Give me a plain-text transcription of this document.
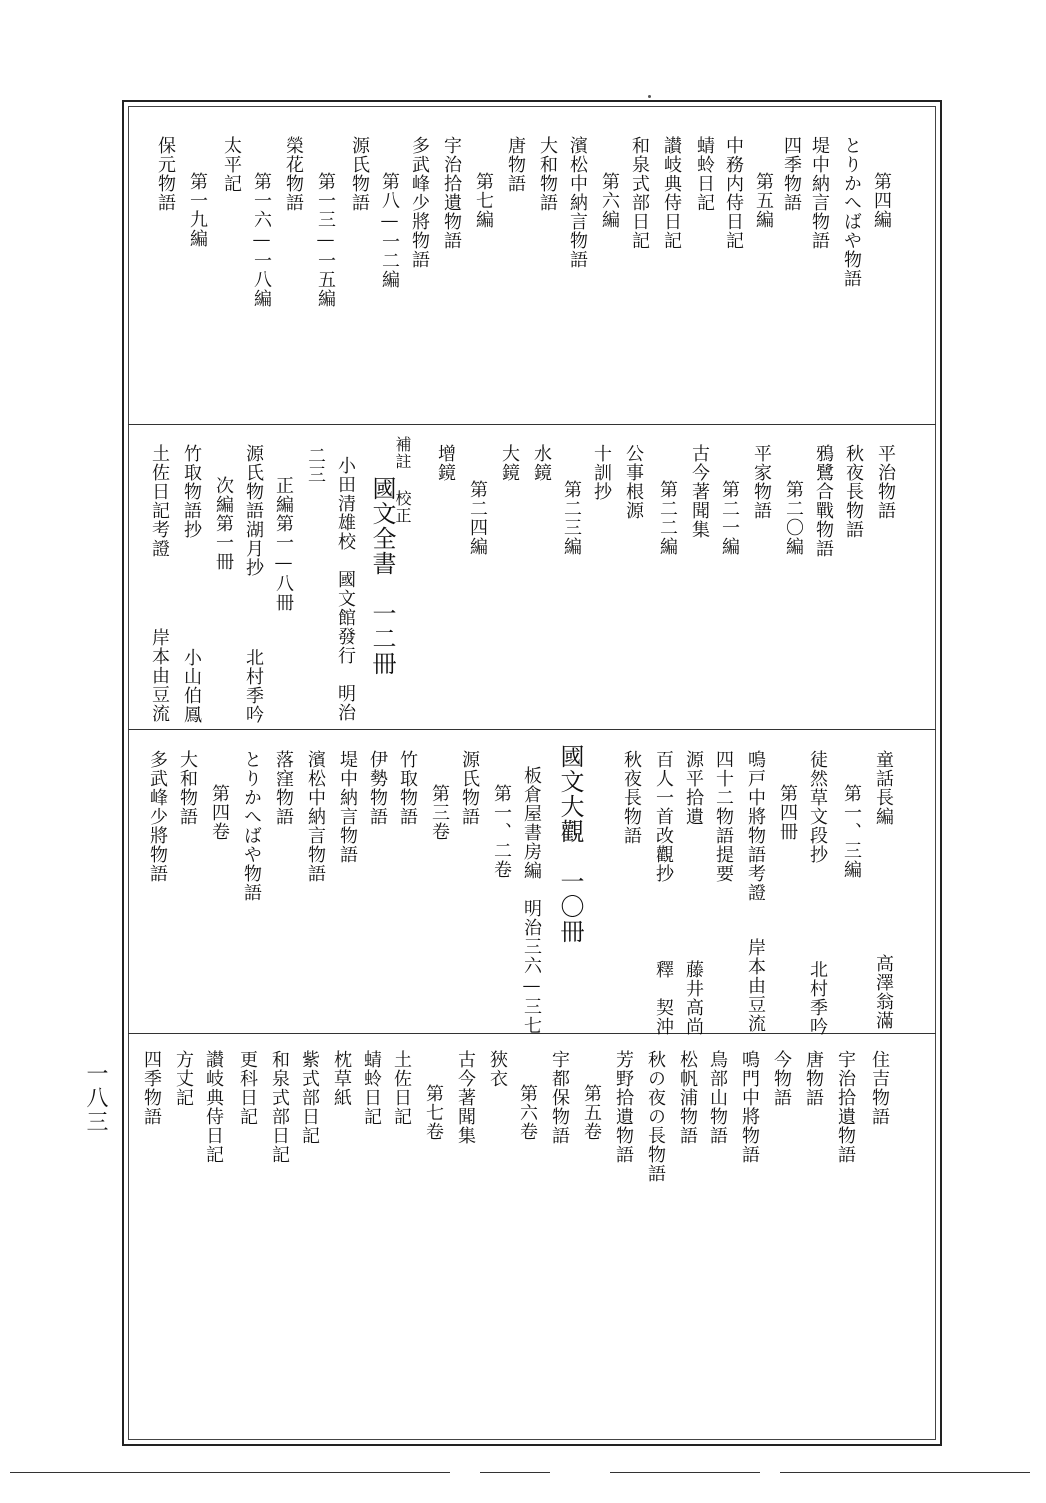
第四編
とりかへばや物語
堤中納言物語
四季物語
第五編
中務内侍日記
蜻蛉日記
讃岐典侍日記
和泉式部日記
第六編
濱松中納言物語
大和物語
唐物語
第七編
宇治拾遺物語
多武峰少將物語
第八—一二編
源氏物語
第一三—一五編
榮花物語
第一六—一八編
太平記
第一九編
保元物語
平治物語
秋夜長物語
鴉鷺合戰物語
第二〇編
平家物語
第二一編
古今著聞集
第二二編
公事根源
十訓抄
第二三編
水鏡
大鏡
第二四編
增鏡
補註 校正
國文全書　一二冊
小田清雄校　國文館發行　明治
二三
正編第一—八冊
源氏物語湖月抄
北村季吟
次編第一冊
竹取物語抄
小山伯鳳
土佐日記考證
岸本由豆流
童話長編
高澤翁滿
第一、三編
徒然草文段抄
北村季吟
第四冊
鳴戸中將物語考證
岸本由豆流
四十二物語提要
源平拾遺
藤井高尚
百人一首改觀抄
釋　契沖
秋夜長物語
國文大觀　一〇冊
板倉屋書房編　明治三六—三七
第一、二卷
源氏物語
第三卷
竹取物語
伊勢物語
堤中納言物語
濱松中納言物語
落窪物語
とりかへばや物語
第四卷
大和物語
多武峰少將物語
住吉物語
宇治拾遺物語
唐物語
今物語
鳴門中將物語
鳥部山物語
松帆浦物語
秋の夜の長物語
芳野拾遺物語
第五卷
宇都保物語
第六卷
狹衣
古今著聞集
第七卷
土佐日記
蜻蛉日記
枕草紙
紫式部日記
和泉式部日記
更科日記
讃岐典侍日記
方丈記
四季物語
一八三
